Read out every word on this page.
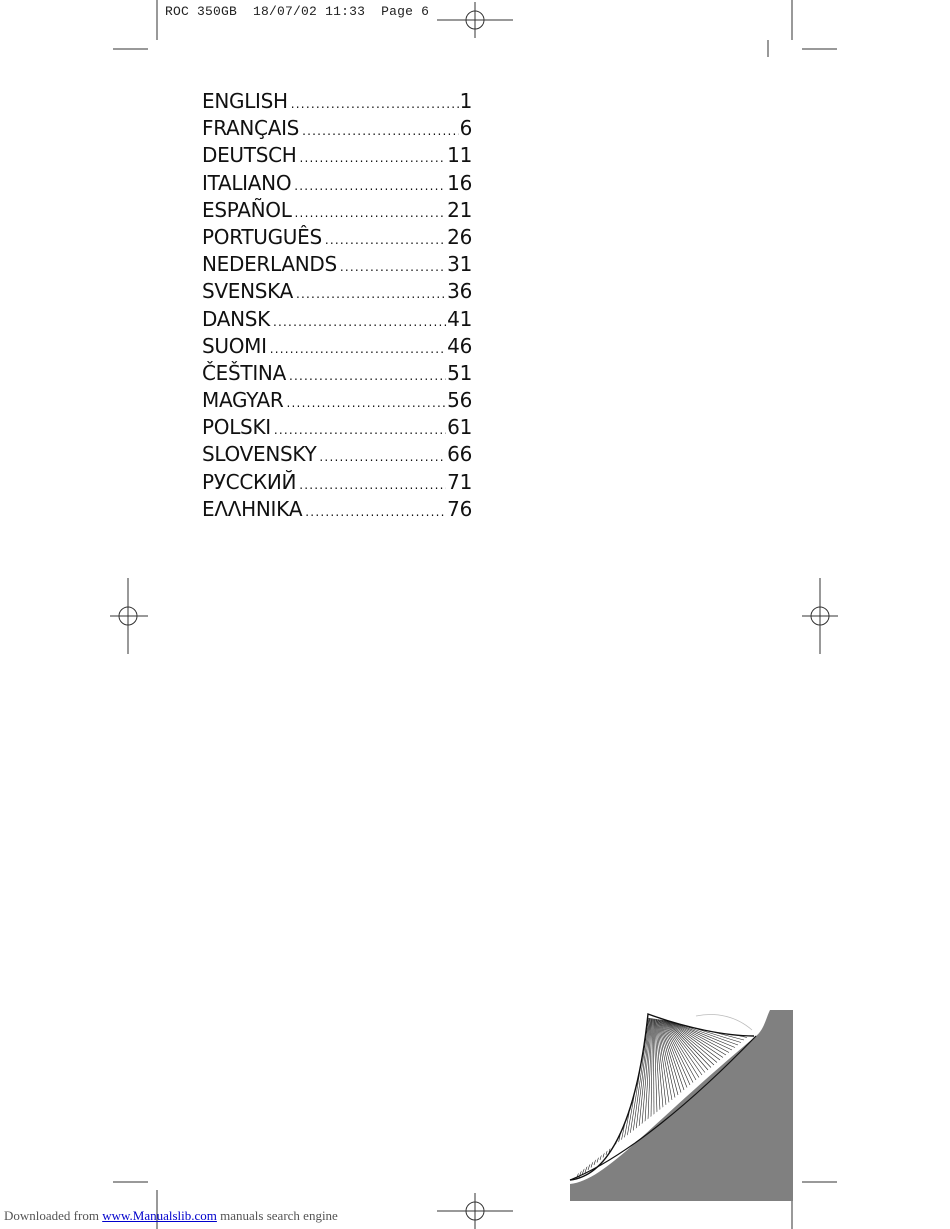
ROC 350GB 18/07/02 11:33 Page 6
ENGLISH .....	1
FRANÇAIS .....	6
DEUTSCH .....	11
ITALIANO .....	16
ESPAÑOL .....	21
PORTUGUÊS .....	26
NEDERLANDS .....	31
SVENSKA .....	36
DANSK .....	41
SUOMI .....	46
ČEŠTINA .....	51
MAGYAR .....	56
POLSKI .....	61
SLOVENSKY .....	66
РУССКИЙ .....	71
ΕΛΛΗΝΙΚΑ .....	76
Downloaded from www.Manualslib.com manuals search engine
